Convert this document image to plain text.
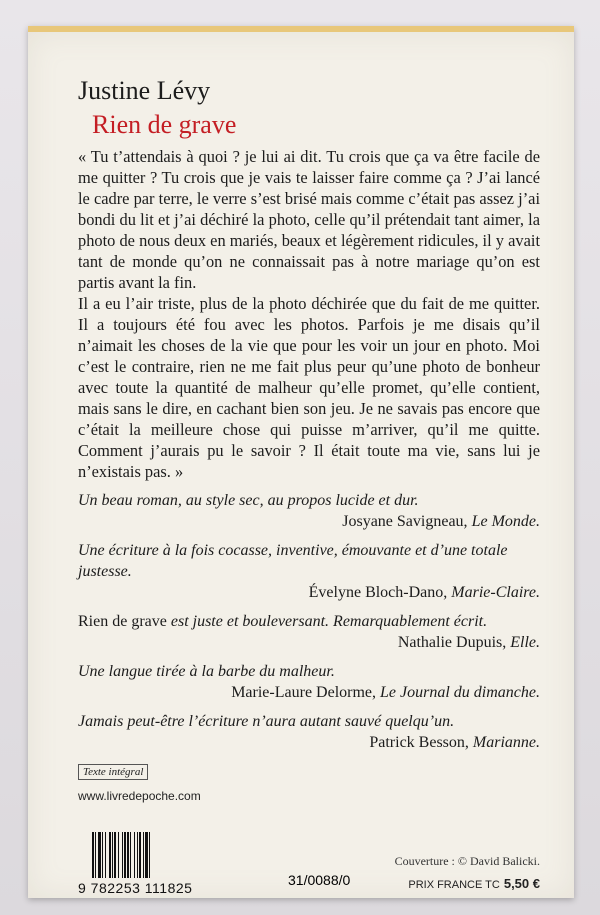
Justine Lévy
Rien de grave

« Tu t’attendais à quoi ? je lui ai dit. Tu crois que ça va être facile de me quitter ? Tu crois que je vais te laisser faire comme ça ? J’ai lancé le cadre par terre, le verre s’est brisé mais comme c’était pas assez j’ai bondi du lit et j’ai déchiré la photo, celle qu’il prétendait tant aimer, la photo de nous deux en mariés, beaux et légèrement ridicules, il y avait tant de monde qu’on ne connaissait pas à notre mariage qu’on est partis avant la fin.

Il a eu l’air triste, plus de la photo déchirée que du fait de me quitter. Il a toujours été fou avec les photos. Parfois je me disais qu’il n’aimait les choses de la vie que pour les voir un jour en photo. Moi c’est le contraire, rien ne me fait plus peur qu’une photo de bonheur avec toute la quantité de malheur qu’elle promet, qu’elle contient, mais sans le dire, en cachant bien son jeu. Je ne savais pas encore que c’était la meilleure chose qui puisse m’arriver, qu’il me quitte. Comment j’aurais pu le savoir ? Il était toute ma vie, sans lui je n’existais pas. »

Un beau roman, au style sec, au propos lucide et dur.
Josyane Savigneau, Le Monde.
Une écriture à la fois cocasse, inventive, émouvante et d’une totale justesse.
Évelyne Bloch-Dano, Marie-Claire.
Rien de grave est juste et bouleversant. Remarquablement écrit.
Nathalie Dupuis, Elle.
Une langue tirée à la barbe du malheur.
Marie-Laure Delorme, Le Journal du dimanche.
Jamais peut-être l’écriture n’aura autant sauvé quelqu’un.
Patrick Besson, Marianne.
Texte intégral
www.livredepoche.com
9 782253 111825	31/0088/0
Couverture : © David Balicki.
PRIX FRANCE TC 5,50 €
